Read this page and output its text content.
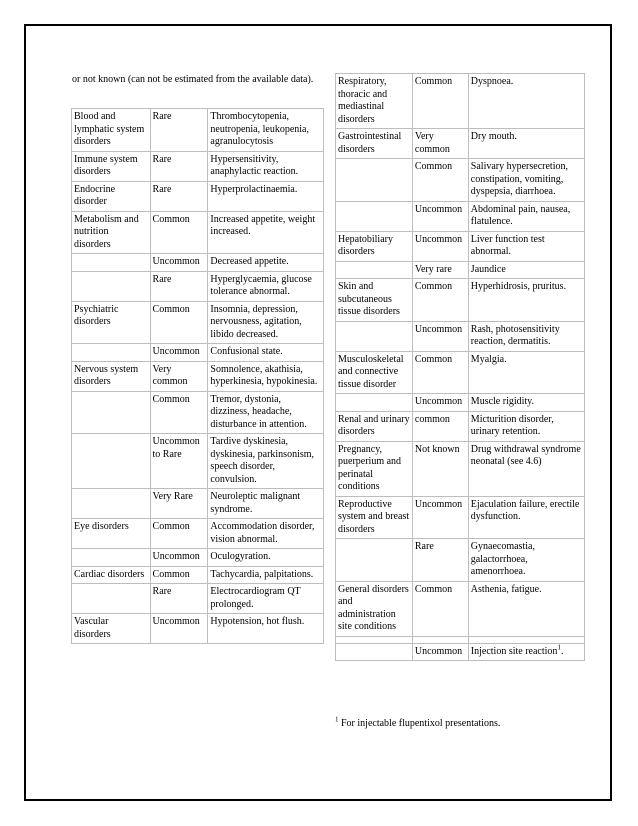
or not known (can not be estimated from the available data).
Blood and lymphatic system disorders	Rare	Thrombocytopenia, neutropenia, leukopenia, agranulocytosis
Immune system disorders	Rare	Hypersensitivity, anaphylactic reaction.
Endocrine disorder	Rare	Hyperprolactinaemia.
Metabolism and nutrition disorders	Common	Increased appetite, weight increased.
	Uncommon	Decreased appetite.
	Rare	Hyperglycaemia, glucose tolerance abnormal.
Psychiatric disorders	Common	Insomnia, depression, nervousness, agitation, libido decreased.
	Uncommon	Confusional state.
Nervous system disorders	Very common	Somnolence, akathisia, hyperkinesia, hypokinesia.
	Common	Tremor, dystonia, dizziness, headache, disturbance in attention.
	Uncommon to Rare	Tardive dyskinesia, dyskinesia, parkinsonism, speech disorder, convulsion.
	Very Rare	Neuroleptic malignant syndrome.
Eye disorders	Common	Accommodation disorder, vision abnormal.
	Uncommon	Oculogyration.
Cardiac disorders	Common	Tachycardia, palpitations.
	Rare	Electrocardiogram QT prolonged.
Vascular disorders	Uncommon	Hypotension, hot flush.
Respiratory, thoracic and mediastinal disorders	Common	Dyspnoea.
Gastrointestinal disorders	Very common	Dry mouth.
	Common	Salivary hypersecretion, constipation, vomiting, dyspepsia, diarrhoea.
	Uncommon	Abdominal pain, nausea, flatulence.
Hepatobiliary disorders	Uncommon	Liver function test abnormal.
	Very rare	Jaundice
Skin and subcutaneous tissue disorders	Common	Hyperhidrosis, pruritus.
	Uncommon	Rash, photosensitivity reaction, dermatitis.
Musculoskeletal and connective tissue disorder	Common	Myalgia.
	Uncommon	Muscle rigidity.
Renal and urinary disorders	common	Micturition disorder, urinary retention.
Pregnancy, puerperium and perinatal conditions	Not known	Drug withdrawal syndrome neonatal (see 4.6)
Reproductive system and breast disorders	Uncommon	Ejaculation failure, erectile dysfunction.
	Rare	Gynaecomastia, galactorrhoea, amenorrhoea.
General disorders and administration site conditions	Common	Asthenia, fatigue.

	Uncommon	Injection site reaction$^1$.
$^1$ For injectable flupentixol presentations.
